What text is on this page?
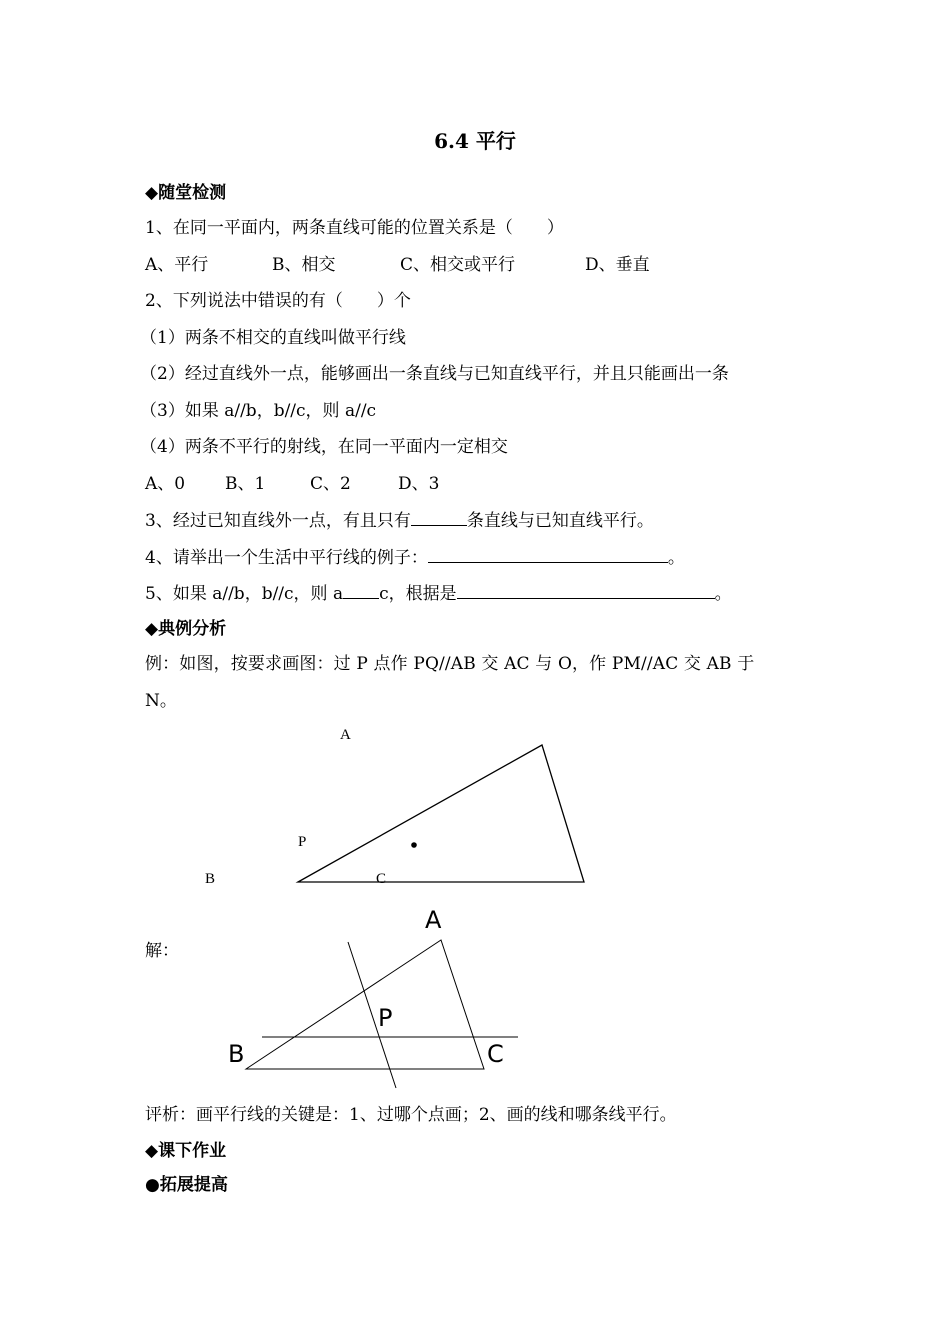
6.4 平行
◆随堂检测
1、在同一平面内，两条直线可能的位置关系是（　　）
A、平行	B、相交	C、相交或平行	D、垂直
2、下列说法中错误的有（　　）个
（1）两条不相交的直线叫做平行线
（2）经过直线外一点，能够画出一条直线与已知直线平行，并且只能画出一条
（3）如果 a//b，b//c，则 a//c
（4）两条不平行的射线，在同一平面内一定相交
A、0 B、1	C、2	D、3
3、经过已知直线外一点，有且只有	条直线与已知直线平行。
4、请举出一个生活中平行线的例子：	。
5、如果 a//b，b//c，则 a c，根据是	。
◆典例分析
例：如图，按要求画图：过 P 点作 PQ//AB 交 AC 与 O，作 PM//AC 交 AB 于
N。
A
P
B	C
解：
A
P
B	C
评析：画平行线的关键是：1、过哪个点画；2、画的线和哪条线平行。
◆课下作业
●拓展提高
